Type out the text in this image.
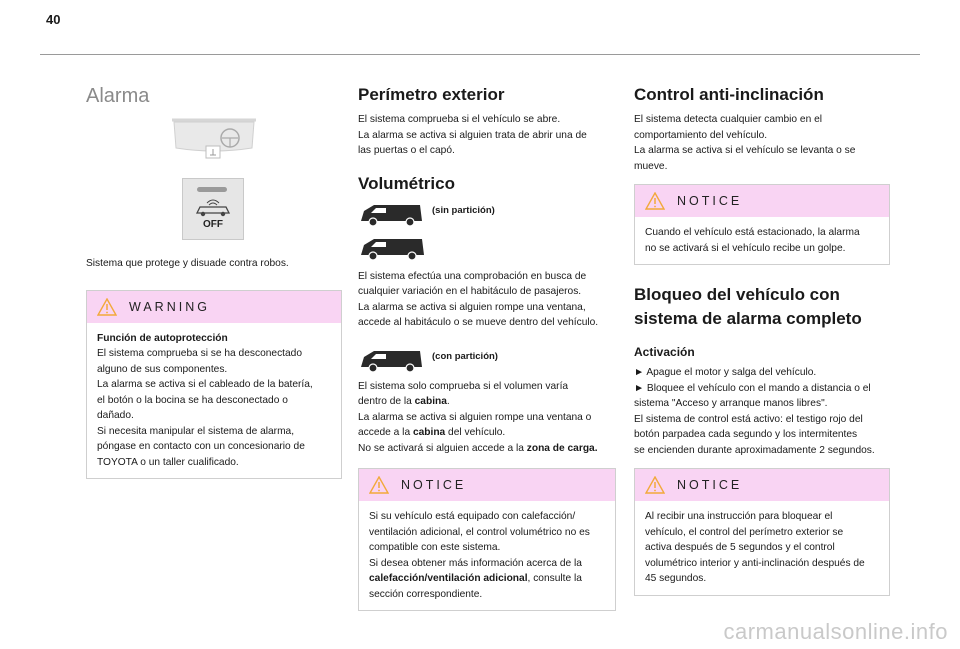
40
Alarma
OFF

Sistema que protege y disuade contra robos.

WARNING

Función de autoprotección

El sistema comprueba si se ha desconectado

alguno de sus componentes.

La alarma se activa si el cableado de la batería,

el botón o la bocina se ha desconectado o

dañado.

Si necesita manipular el sistema de alarma,

póngase en contacto con un concesionario de

TOYOTA o un taller cualificado.

Perímetro exterior

El sistema comprueba si el vehículo se abre.

La alarma se activa si alguien trata de abrir una de

las puertas o el capó.

Volumétrico
(sin partición)

El sistema efectúa una comprobación en busca de

cualquier variación en el habitáculo de pasajeros.

La alarma se activa si alguien rompe una ventana,

accede al habitáculo o se mueve dentro del vehículo.

(con partición)

El sistema solo comprueba si el volumen varía

dentro de la cabina.

La alarma se activa si alguien rompe una ventana o

accede a la cabina del vehículo.

No se activará si alguien accede a la zona de carga.

NOTICE

Si su vehículo está equipado con calefacción/

ventilación adicional, el control volumétrico no es

compatible con este sistema.

Si desea obtener más información acerca de la

calefacción/ventilación adicional, consulte la

sección correspondiente.

Control anti-inclinación

El sistema detecta cualquier cambio en el

comportamiento del vehículo.

La alarma se activa si el vehículo se levanta o se

mueve.

NOTICE

Cuando el vehículo está estacionado, la alarma

no se activará si el vehículo recibe un golpe.

Bloqueo del vehículo con
sistema de alarma completo
Activación

► Apague el motor y salga del vehículo.

► Bloquee el vehículo con el mando a distancia o el

sistema "Acceso y arranque manos libres".

El sistema de control está activo: el testigo rojo del

botón parpadea cada segundo y los intermitentes

se encienden durante aproximadamente 2 segundos.

NOTICE

Al recibir una instrucción para bloquear el

vehículo, el control del perímetro exterior se

activa después de 5 segundos y el control

volumétrico interior y anti-inclinación después de

45 segundos.

carmanualsonline.info
